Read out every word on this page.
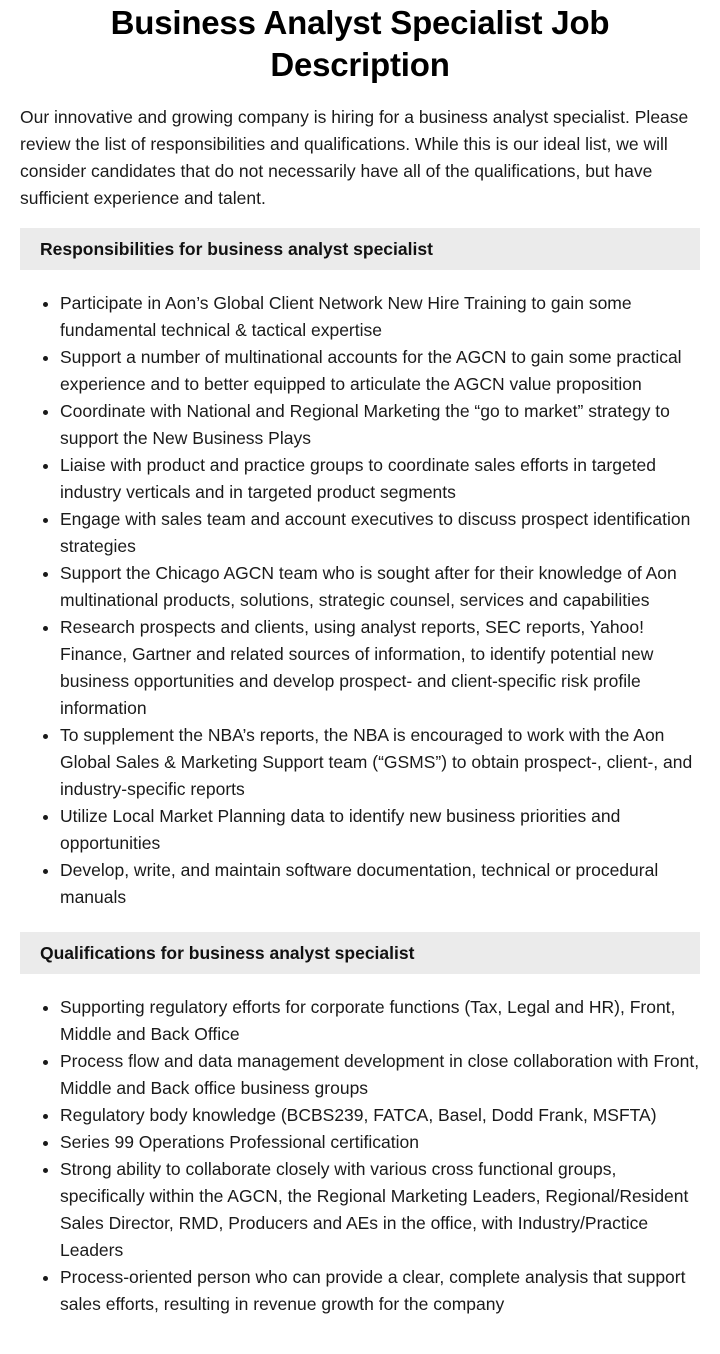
Business Analyst Specialist Job Description

Our innovative and growing company is hiring for a business analyst specialist. Please review the list of responsibilities and qualifications. While this is our ideal list, we will consider candidates that do not necessarily have all of the qualifications, but have sufficient experience and talent.

Responsibilities for business analyst specialist
• Participate in Aon’s Global Client Network New Hire Training to gain some fundamental technical & tactical expertise
• Support a number of multinational accounts for the AGCN to gain some practical experience and to better equipped to articulate the AGCN value proposition
• Coordinate with National and Regional Marketing the “go to market” strategy to support the New Business Plays
• Liaise with product and practice groups to coordinate sales efforts in targeted industry verticals and in targeted product segments
• Engage with sales team and account executives to discuss prospect identification strategies
• Support the Chicago AGCN team who is sought after for their knowledge of Aon multinational products, solutions, strategic counsel, services and capabilities
• Research prospects and clients, using analyst reports, SEC reports, Yahoo! Finance, Gartner and related sources of information, to identify potential new business opportunities and develop prospect- and client-specific risk profile information
• To supplement the NBA’s reports, the NBA is encouraged to work with the Aon Global Sales & Marketing Support team (“GSMS”) to obtain prospect-, client-, and industry-specific reports
• Utilize Local Market Planning data to identify new business priorities and opportunities
• Develop, write, and maintain software documentation, technical or procedural manuals
Qualifications for business analyst specialist
• Supporting regulatory efforts for corporate functions (Tax, Legal and HR), Front, Middle and Back Office
• Process flow and data management development in close collaboration with Front, Middle and Back office business groups
• Regulatory body knowledge (BCBS239, FATCA, Basel, Dodd Frank, MSFTA)
• Series 99 Operations Professional certification
• Strong ability to collaborate closely with various cross functional groups, specifically within the AGCN, the Regional Marketing Leaders, Regional/Resident Sales Director, RMD, Producers and AEs in the office, with Industry/Practice Leaders
• Process-oriented person who can provide a clear, complete analysis that support sales efforts, resulting in revenue growth for the company
